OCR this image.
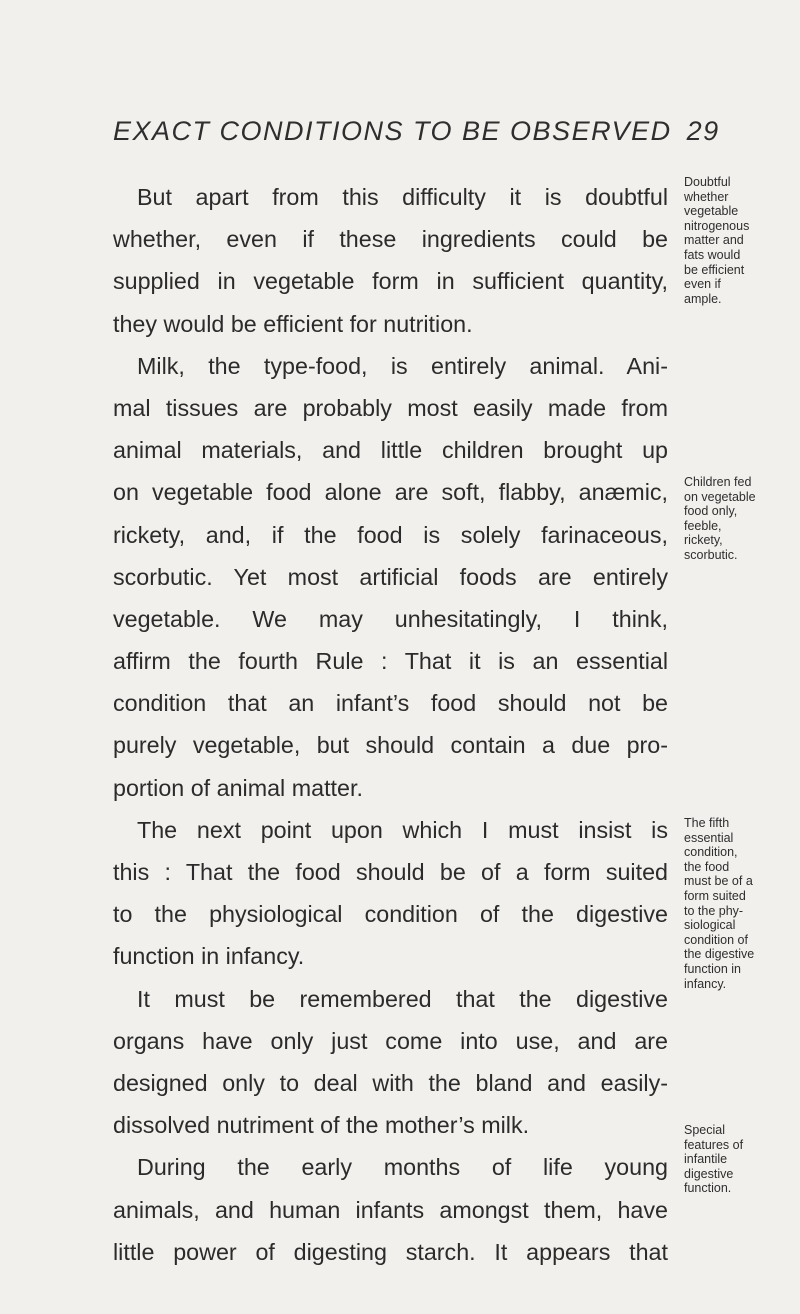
EXACT CONDITIONS TO BE OBSERVED 29
But apart from this difficulty it is doubtful
whether, even if these ingredients could be
supplied in vegetable form in sufficient quantity,
they would be efficient for nutrition.
Milk, the type-food, is entirely animal. Ani-
mal tissues are probably most easily made from
animal materials, and little children brought up
on vegetable food alone are soft, flabby, anæmic,
rickety, and, if the food is solely farinaceous,
scorbutic. Yet most artificial foods are entirely
vegetable. We may unhesitatingly, I think,
affirm the fourth Rule : That it is an essential
condition that an infant’s food should not be
purely vegetable, but should contain a due pro-
portion of animal matter.
The next point upon which I must insist is
this : That the food should be of a form suited
to the physiological condition of the digestive
function in infancy.
It must be remembered that the digestive
organs have only just come into use, and are
designed only to deal with the bland and easily-
dissolved nutriment of the mother’s milk.
During the early months of life young
animals, and human infants amongst them, have
little power of digesting starch. It appears that
Doubtful
whether
vegetable
nitrogenous
matter and
fats would
be efficient
even if
ample.
Children fed
on vegetable
food only,
feeble,
rickety,
scorbutic.
The fifth
essential
condition,
the food
must be of a
form suited
to the phy-
siological
condition of
the digestive
function in
infancy.
Special
features of
infantile
digestive
function.
